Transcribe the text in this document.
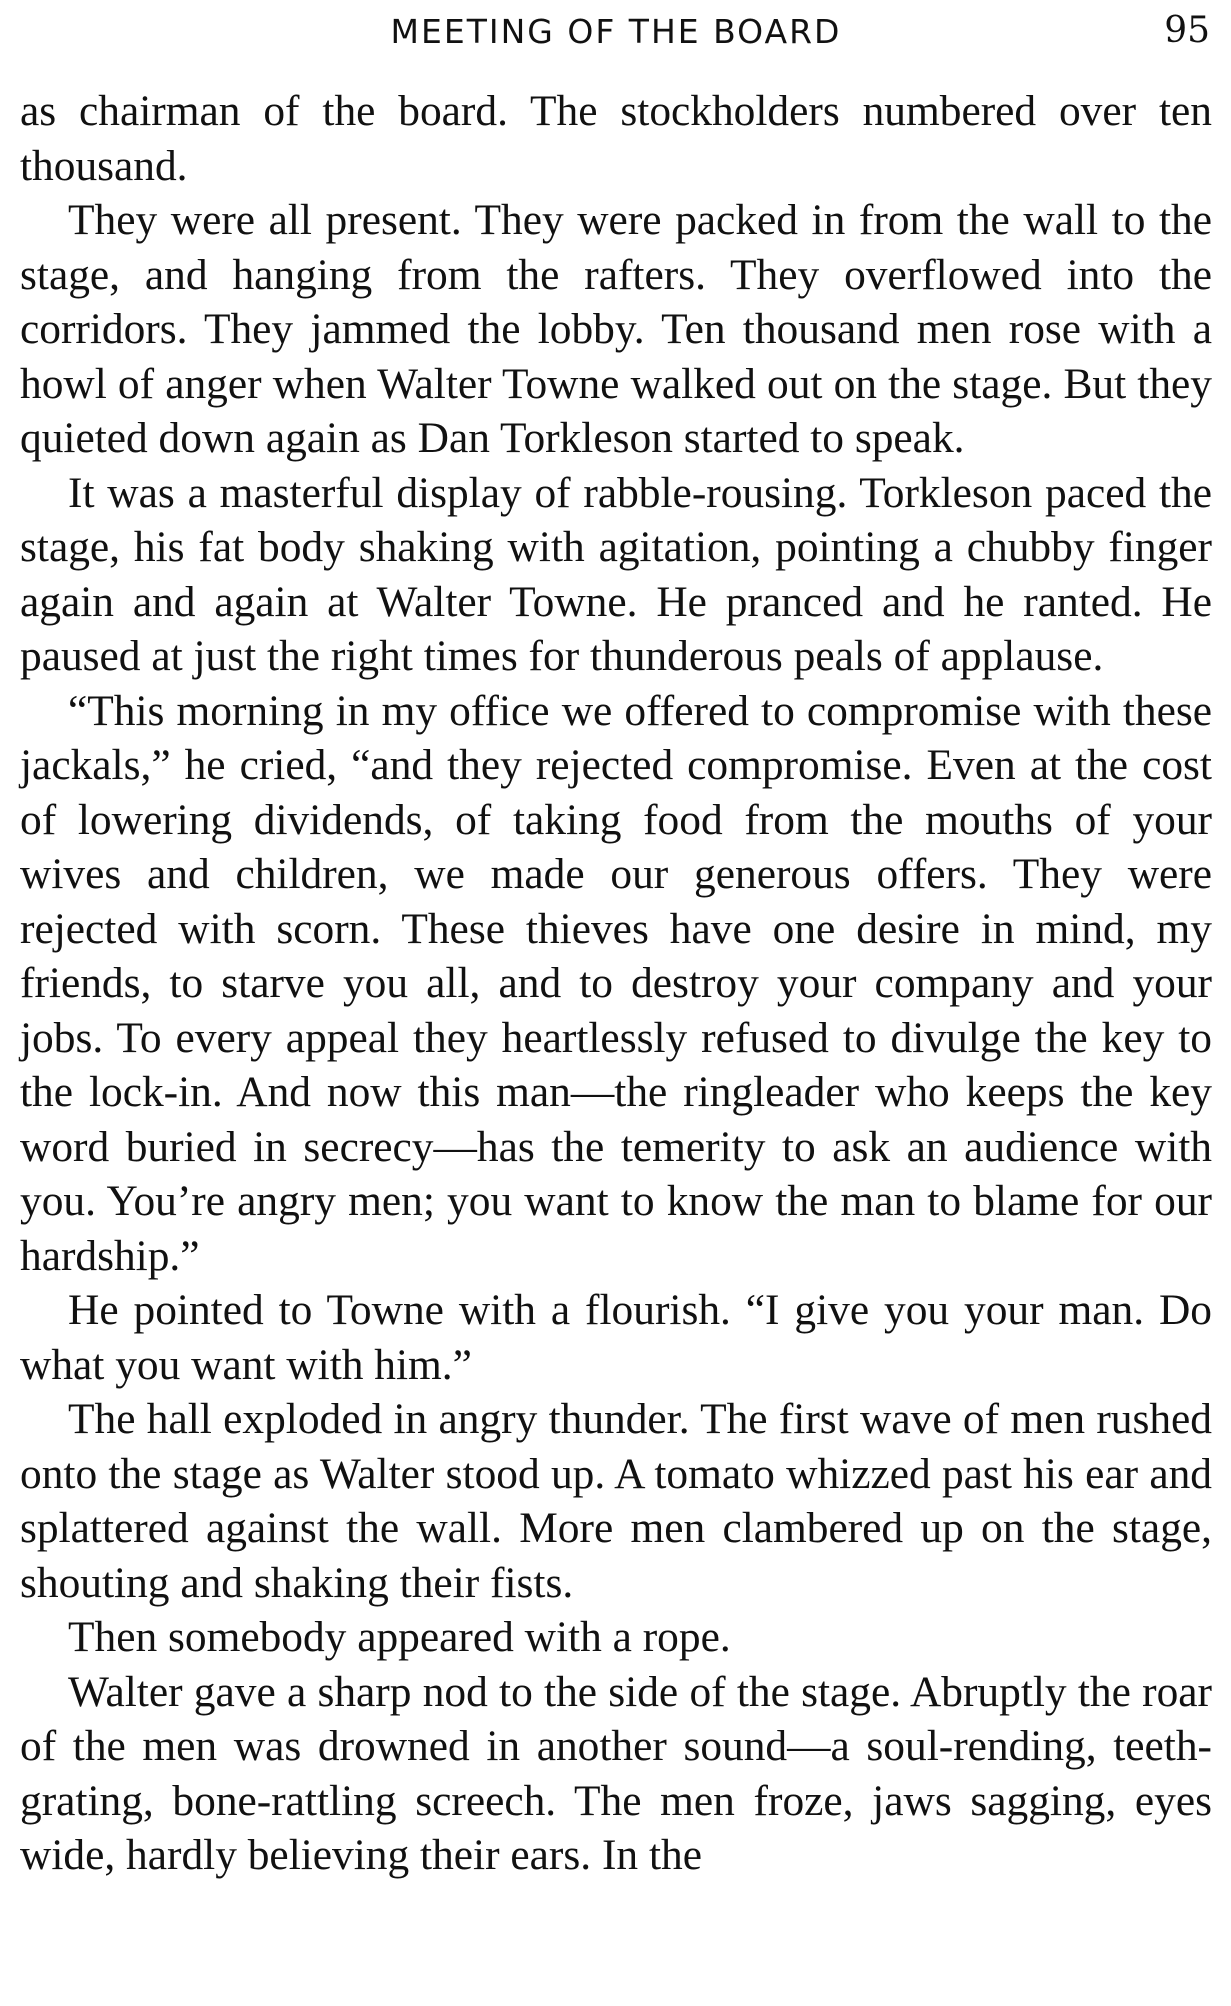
MEETING OF THE BOARD	95

as chairman of the board. The stockholders numbered over ten thousand.

They were all present. They were packed in from the wall to the stage, and hanging from the rafters. They overflowed into the corridors. They jammed the lobby. Ten thousand men rose with a howl of anger when Walter Towne walked out on the stage. But they quieted down again as Dan Torkleson started to speak.

It was a masterful display of rabble-rousing. Torkleson paced the stage, his fat body shaking with agitation, pointing a chubby finger again and again at Walter Towne. He pranced and he ranted. He paused at just the right times for thunderous peals of applause.

“This morning in my office we offered to compromise with these jackals,” he cried, “and they rejected compromise. Even at the cost of lowering dividends, of taking food from the mouths of your wives and children, we made our generous offers. They were rejected with scorn. These thieves have one desire in mind, my friends, to starve you all, and to destroy your company and your jobs. To every appeal they heartlessly refused to divulge the key to the lock-in. And now this man—the ringleader who keeps the key word buried in secrecy—has the temerity to ask an audience with you. You’re angry men; you want to know the man to blame for our hardship.”

He pointed to Towne with a flourish. “I give you your man. Do what you want with him.”

The hall exploded in angry thunder. The first wave of men rushed onto the stage as Walter stood up. A tomato whizzed past his ear and splattered against the wall. More men clambered up on the stage, shouting and shaking their fists.

Then somebody appeared with a rope.

Walter gave a sharp nod to the side of the stage. Abruptly the roar of the men was drowned in another sound—a soul-rending, teeth-grating, bone-rattling screech. The men froze, jaws sagging, eyes wide, hardly believing their ears. In the
